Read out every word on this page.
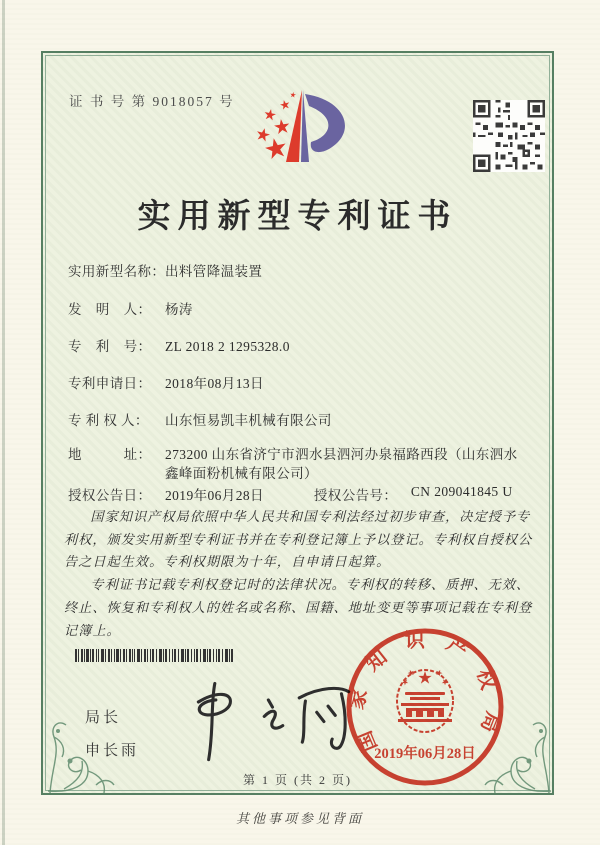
证 书 号 第 9018057 号
实用新型专利证书
实用新型名称： 出料管降温装置
发　明　人：	杨涛
专　利　号：	ZL 2018 2 1295328.0
专利申请日：	2018年08月13日
专 利 权 人：	山东恒易凯丰机械有限公司
地　　　址：	273200 山东省济宁市泗水县泗河办泉福路西段（山东泗水鑫峰面粉机械有限公司）
授权公告日：	2019年06月28日	授权公告号：	CN 209041845 U

国家知识产权局依照中华人民共和国专利法经过初步审查，决定授予专利权，颁发实用新型专利证书并在专利登记簿上予以登记。专利权自授权公告之日起生效。专利权期限为十年，自申请日起算。

专利证书记载专利权登记时的法律状况。专利权的转移、质押、无效、终止、恢复和专利权人的姓名或名称、国籍、地址变更等事项记载在专利登记簿上。

局长
申长雨	国家知识产权局
2019年06月28日
第 1 页 (共 2 页)
其他事项参见背面
